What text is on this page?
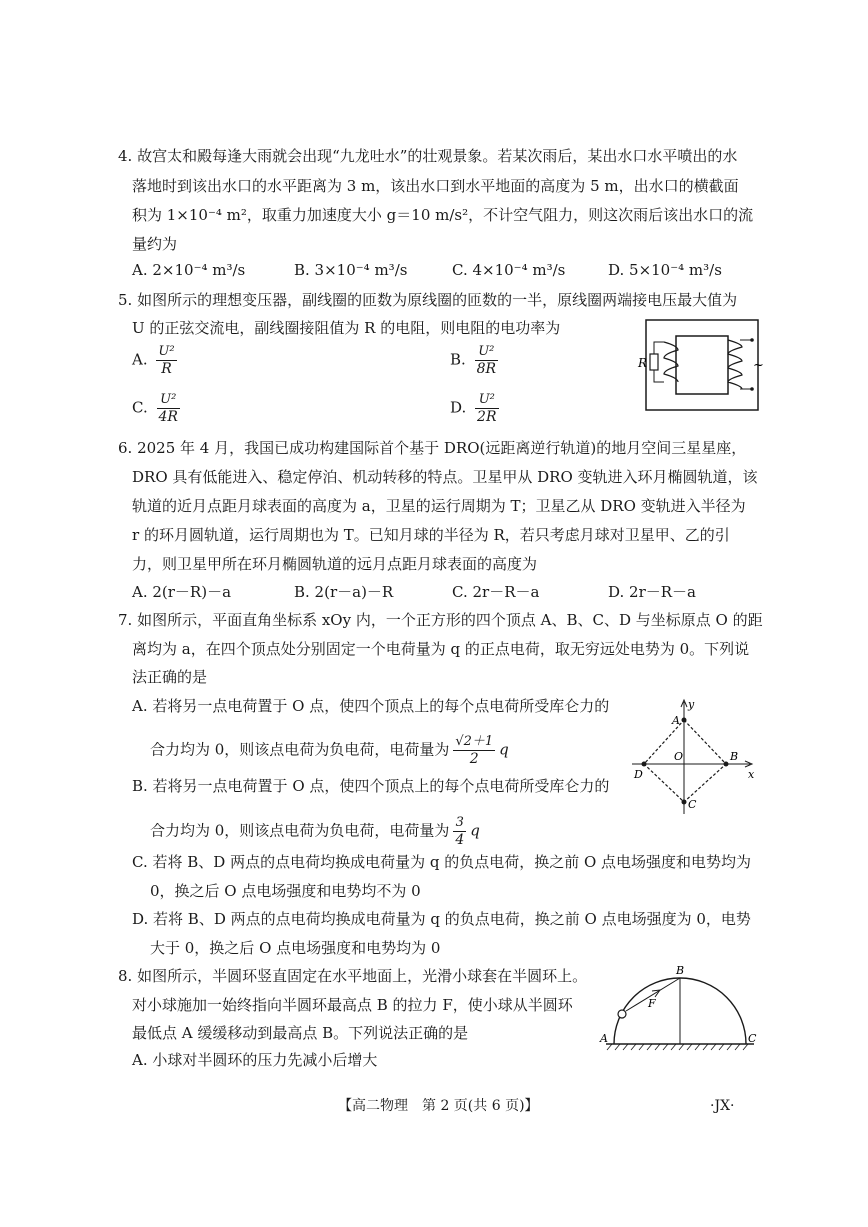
4. 故宫太和殿每逢大雨就会出现“九龙吐水”的壮观景象。若某次雨后，某出水口水平喷出的水
落地时到该出水口的水平距离为 3 m，该出水口到水平地面的高度为 5 m，出水口的横截面
积为 1×10⁻⁴ m²，取重力加速度大小 g＝10 m/s²，不计空气阻力，则这次雨后该出水口的流
量约为
A. 2×10⁻⁴ m³/s	B. 3×10⁻⁴ m³/s	C. 4×10⁻⁴ m³/s	D. 5×10⁻⁴ m³/s
5. 如图所示的理想变压器，副线圈的匝数为原线圈的匝数的一半，原线圈两端接电压最大值为
U 的正弦交流电，副线圈接阻值为 R 的电阻，则电阻的电功率为
A. $\frac{\text{U²}}{R}$	B. $\frac{\text{U²}}{8R}$
C. $\frac{\text{U²}}{4R}$	D. $\frac{\text{U²}}{2R}$
R	~
6. 2025 年 4 月，我国已成功构建国际首个基于 DRO(远距离逆行轨道)的地月空间三星星座，
DRO 具有低能进入、稳定停泊、机动转移的特点。卫星甲从 DRO 变轨进入环月椭圆轨道，该
轨道的近月点距月球表面的高度为 a，卫星的运行周期为 T；卫星乙从 DRO 变轨进入半径为
r 的环月圆轨道，运行周期也为 T。已知月球的半径为 R，若只考虑月球对卫星甲、乙的引
力，则卫星甲所在环月椭圆轨道的远月点距月球表面的高度为
A. 2(r－R)－a	B. 2(r－a)－R	C. 2r－R－a	D. 2r－R－a
7. 如图所示，平面直角坐标系 xOy 内，一个正方形的四个顶点 A、B、C、D 与坐标原点 O 的距
离均为 a，在四个顶点处分别固定一个电荷量为 q 的正点电荷，取无穷远处电势为 0。下列说
法正确的是
A. 若将另一点电荷置于 O 点，使四个顶点上的每个点电荷所受库仑力的
合力均为 0，则该点电荷为负电荷，电荷量为 $\frac{√2+1}{2}$ q
B. 若将另一点电荷置于 O 点，使四个顶点上的每个点电荷所受库仑力的
合力均为 0，则该点电荷为负电荷，电荷量为 $\frac{3}{4}$ q
C. 若将 B、D 两点的点电荷均换成电荷量为 q 的负点电荷，换之前 O 点电场强度和电势均为
0，换之后 O 点电场强度和电势均不为 0
D. 若将 B、D 两点的点电荷均换成电荷量为 q 的负点电荷，换之前 O 点电场强度为 0，电势
大于 0，换之后 O 点电场强度和电势均为 0
y
x
A
B
C
D
O
8. 如图所示，半圆环竖直固定在水平地面上，光滑小球套在半圆环上。
对小球施加一始终指向半圆环最高点 B 的拉力 F，使小球从半圆环
最低点 A 缓缓移动到最高点 B。下列说法正确的是
A. 小球对半圆环的压力先减小后增大
B
A	C
F
【高二物理　第 2 页(共 6 页)】	·JX·
